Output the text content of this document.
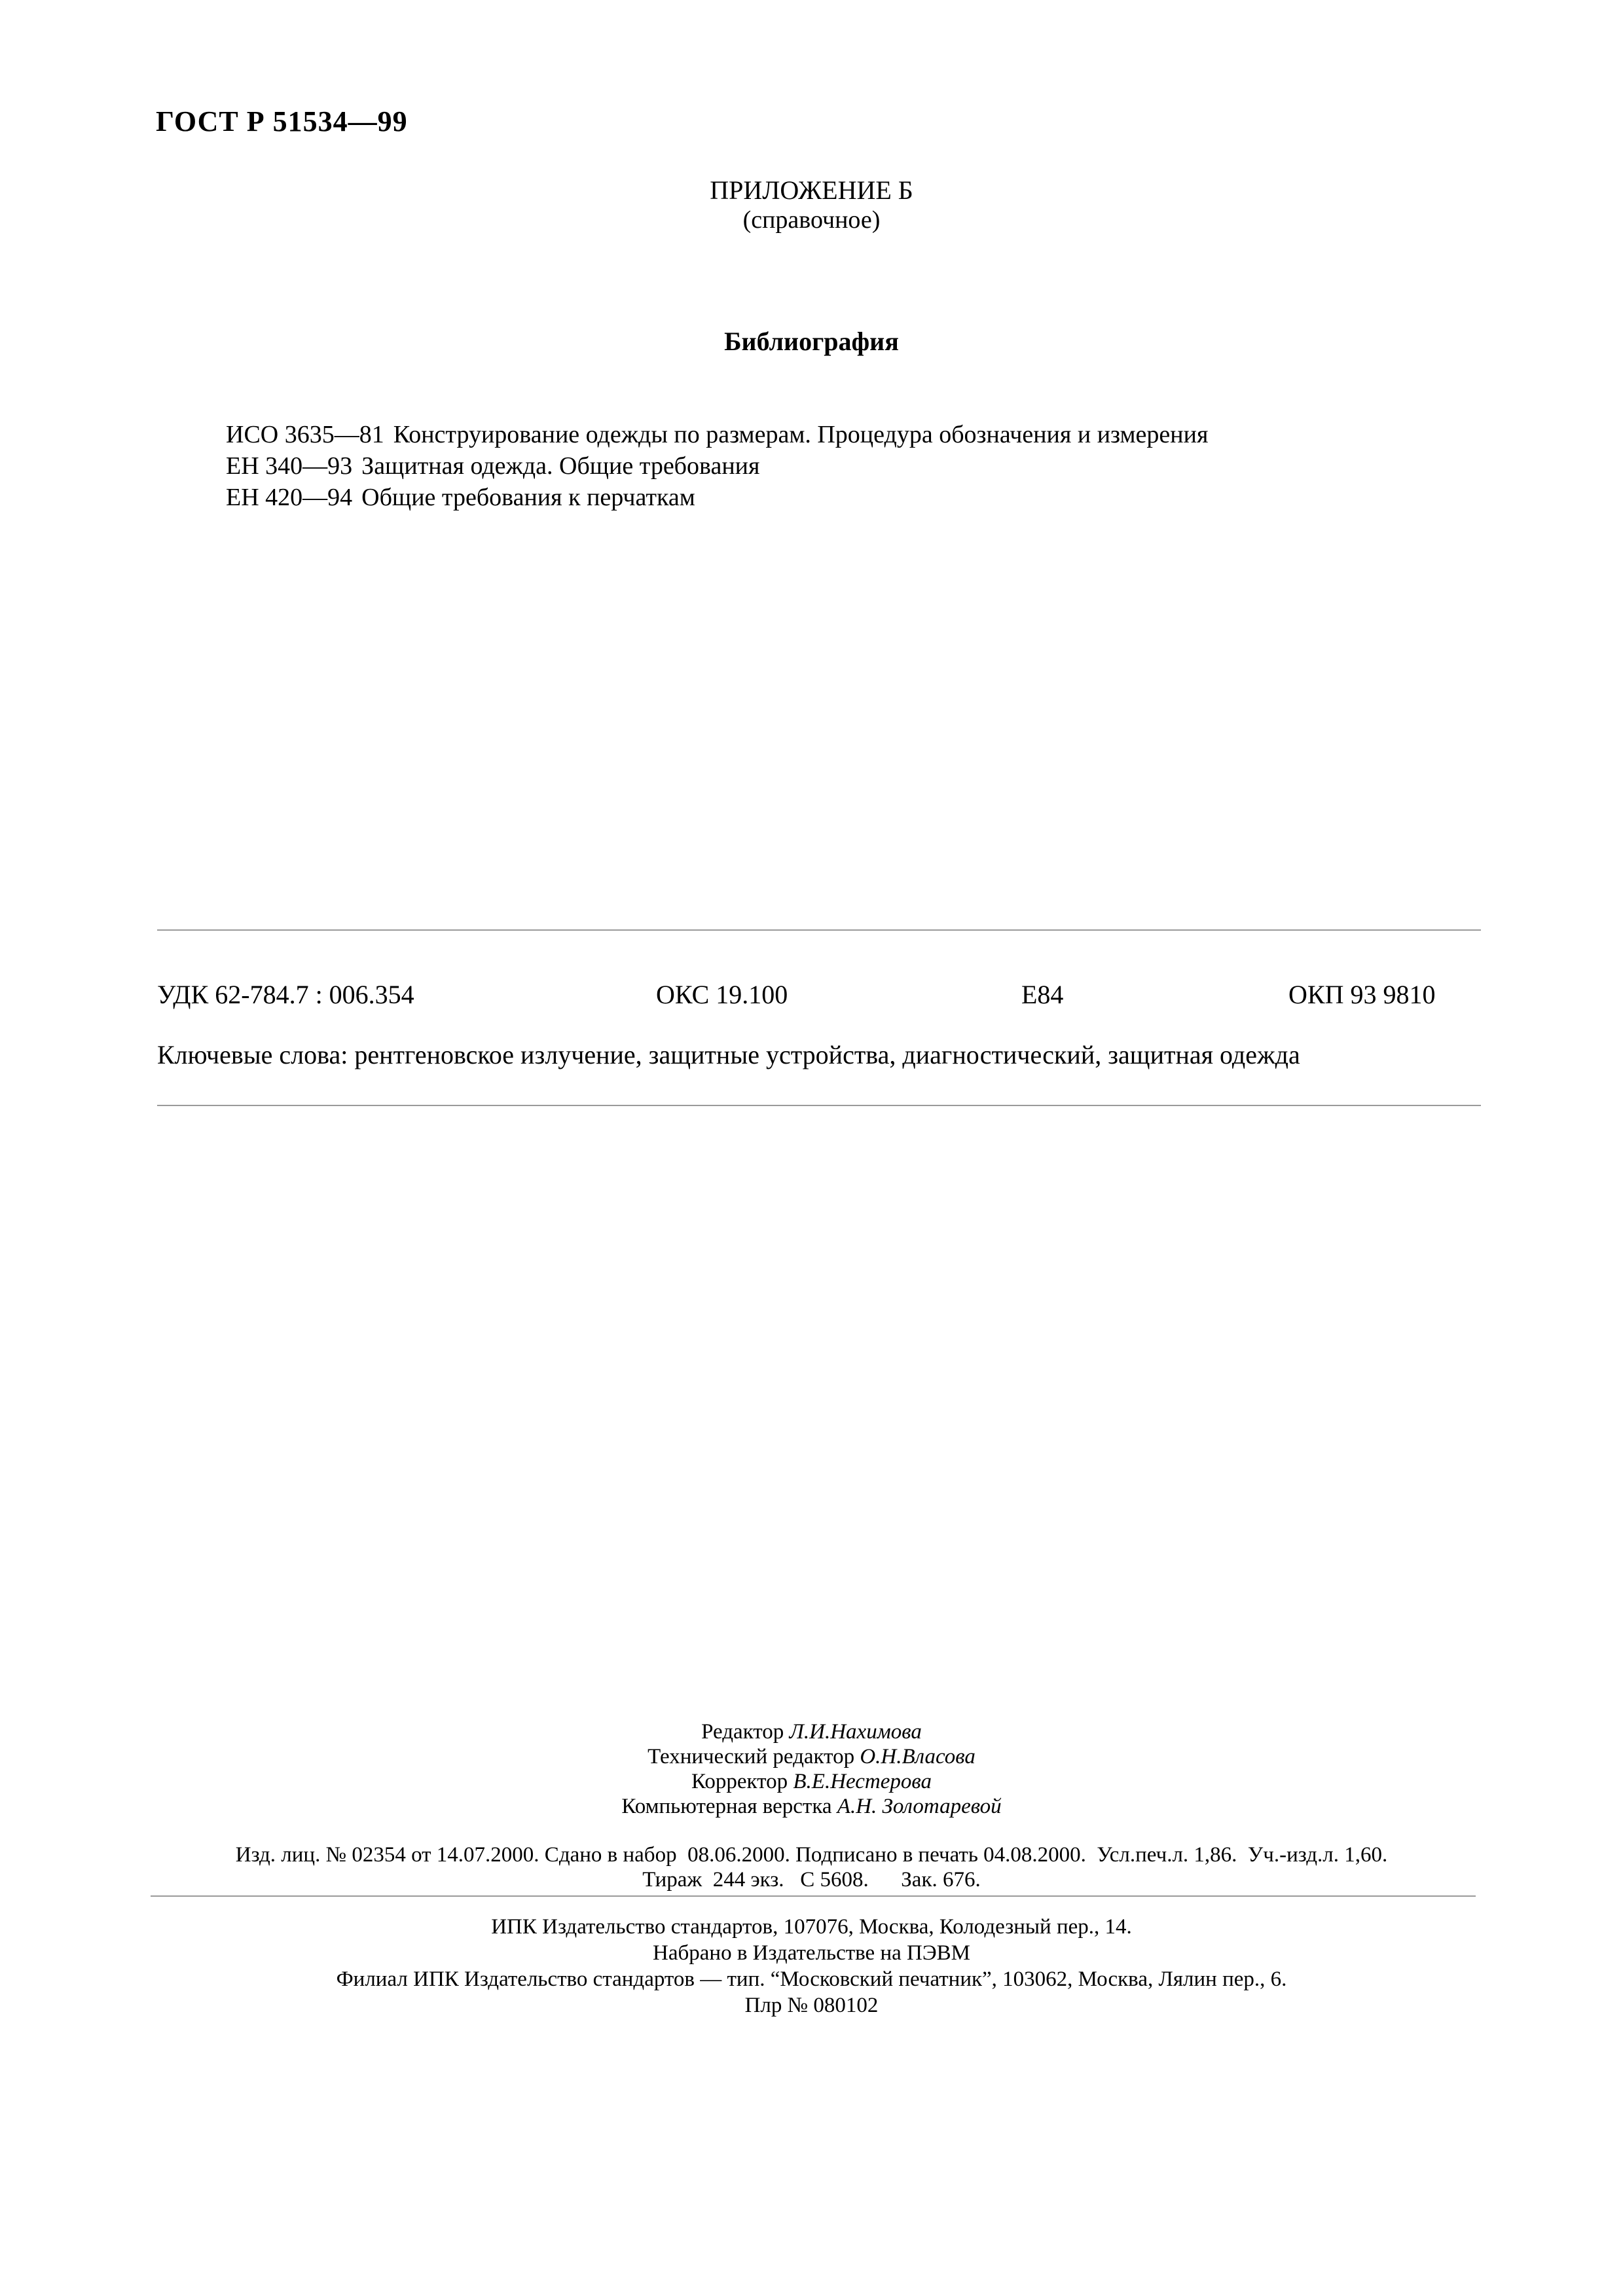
ГОСТ Р 51534—99
ПРИЛОЖЕНИЕ Б
(справочное)
Библиография
ИСО 3635—81 Конструирование одежды по размерам. Процедура обозначения и измерения
ЕН 340—93 Защитная одежда. Общие требования
ЕН 420—94 Общие требования к перчаткам
УДК 62-784.7 : 006.354	ОКС 19.100	Е84	ОКП 93 9810
Ключевые слова: рентгеновское излучение, защитные устройства, диагностический, защитная одежда
Редактор Л.И.Нахимова
Технический редактор О.Н.Власова
Корректор В.Е.Нестерова
Компьютерная верстка А.Н. Золотаревой
Изд. лиц. № 02354 от 14.07.2000. Сдано в набор  08.06.2000. Подписано в печать 04.08.2000.  Усл.печ.л. 1,86.  Уч.-изд.л. 1,60.
Тираж  244 экз.   С 5608.      Зак. 676.
ИПК Издательство стандартов, 107076, Москва, Колодезный пер., 14.
Набрано в Издательстве на ПЭВМ
Филиал ИПК Издательство стандартов — тип. “Московский печатник”, 103062, Москва, Лялин пер., 6.
Плр № 080102
